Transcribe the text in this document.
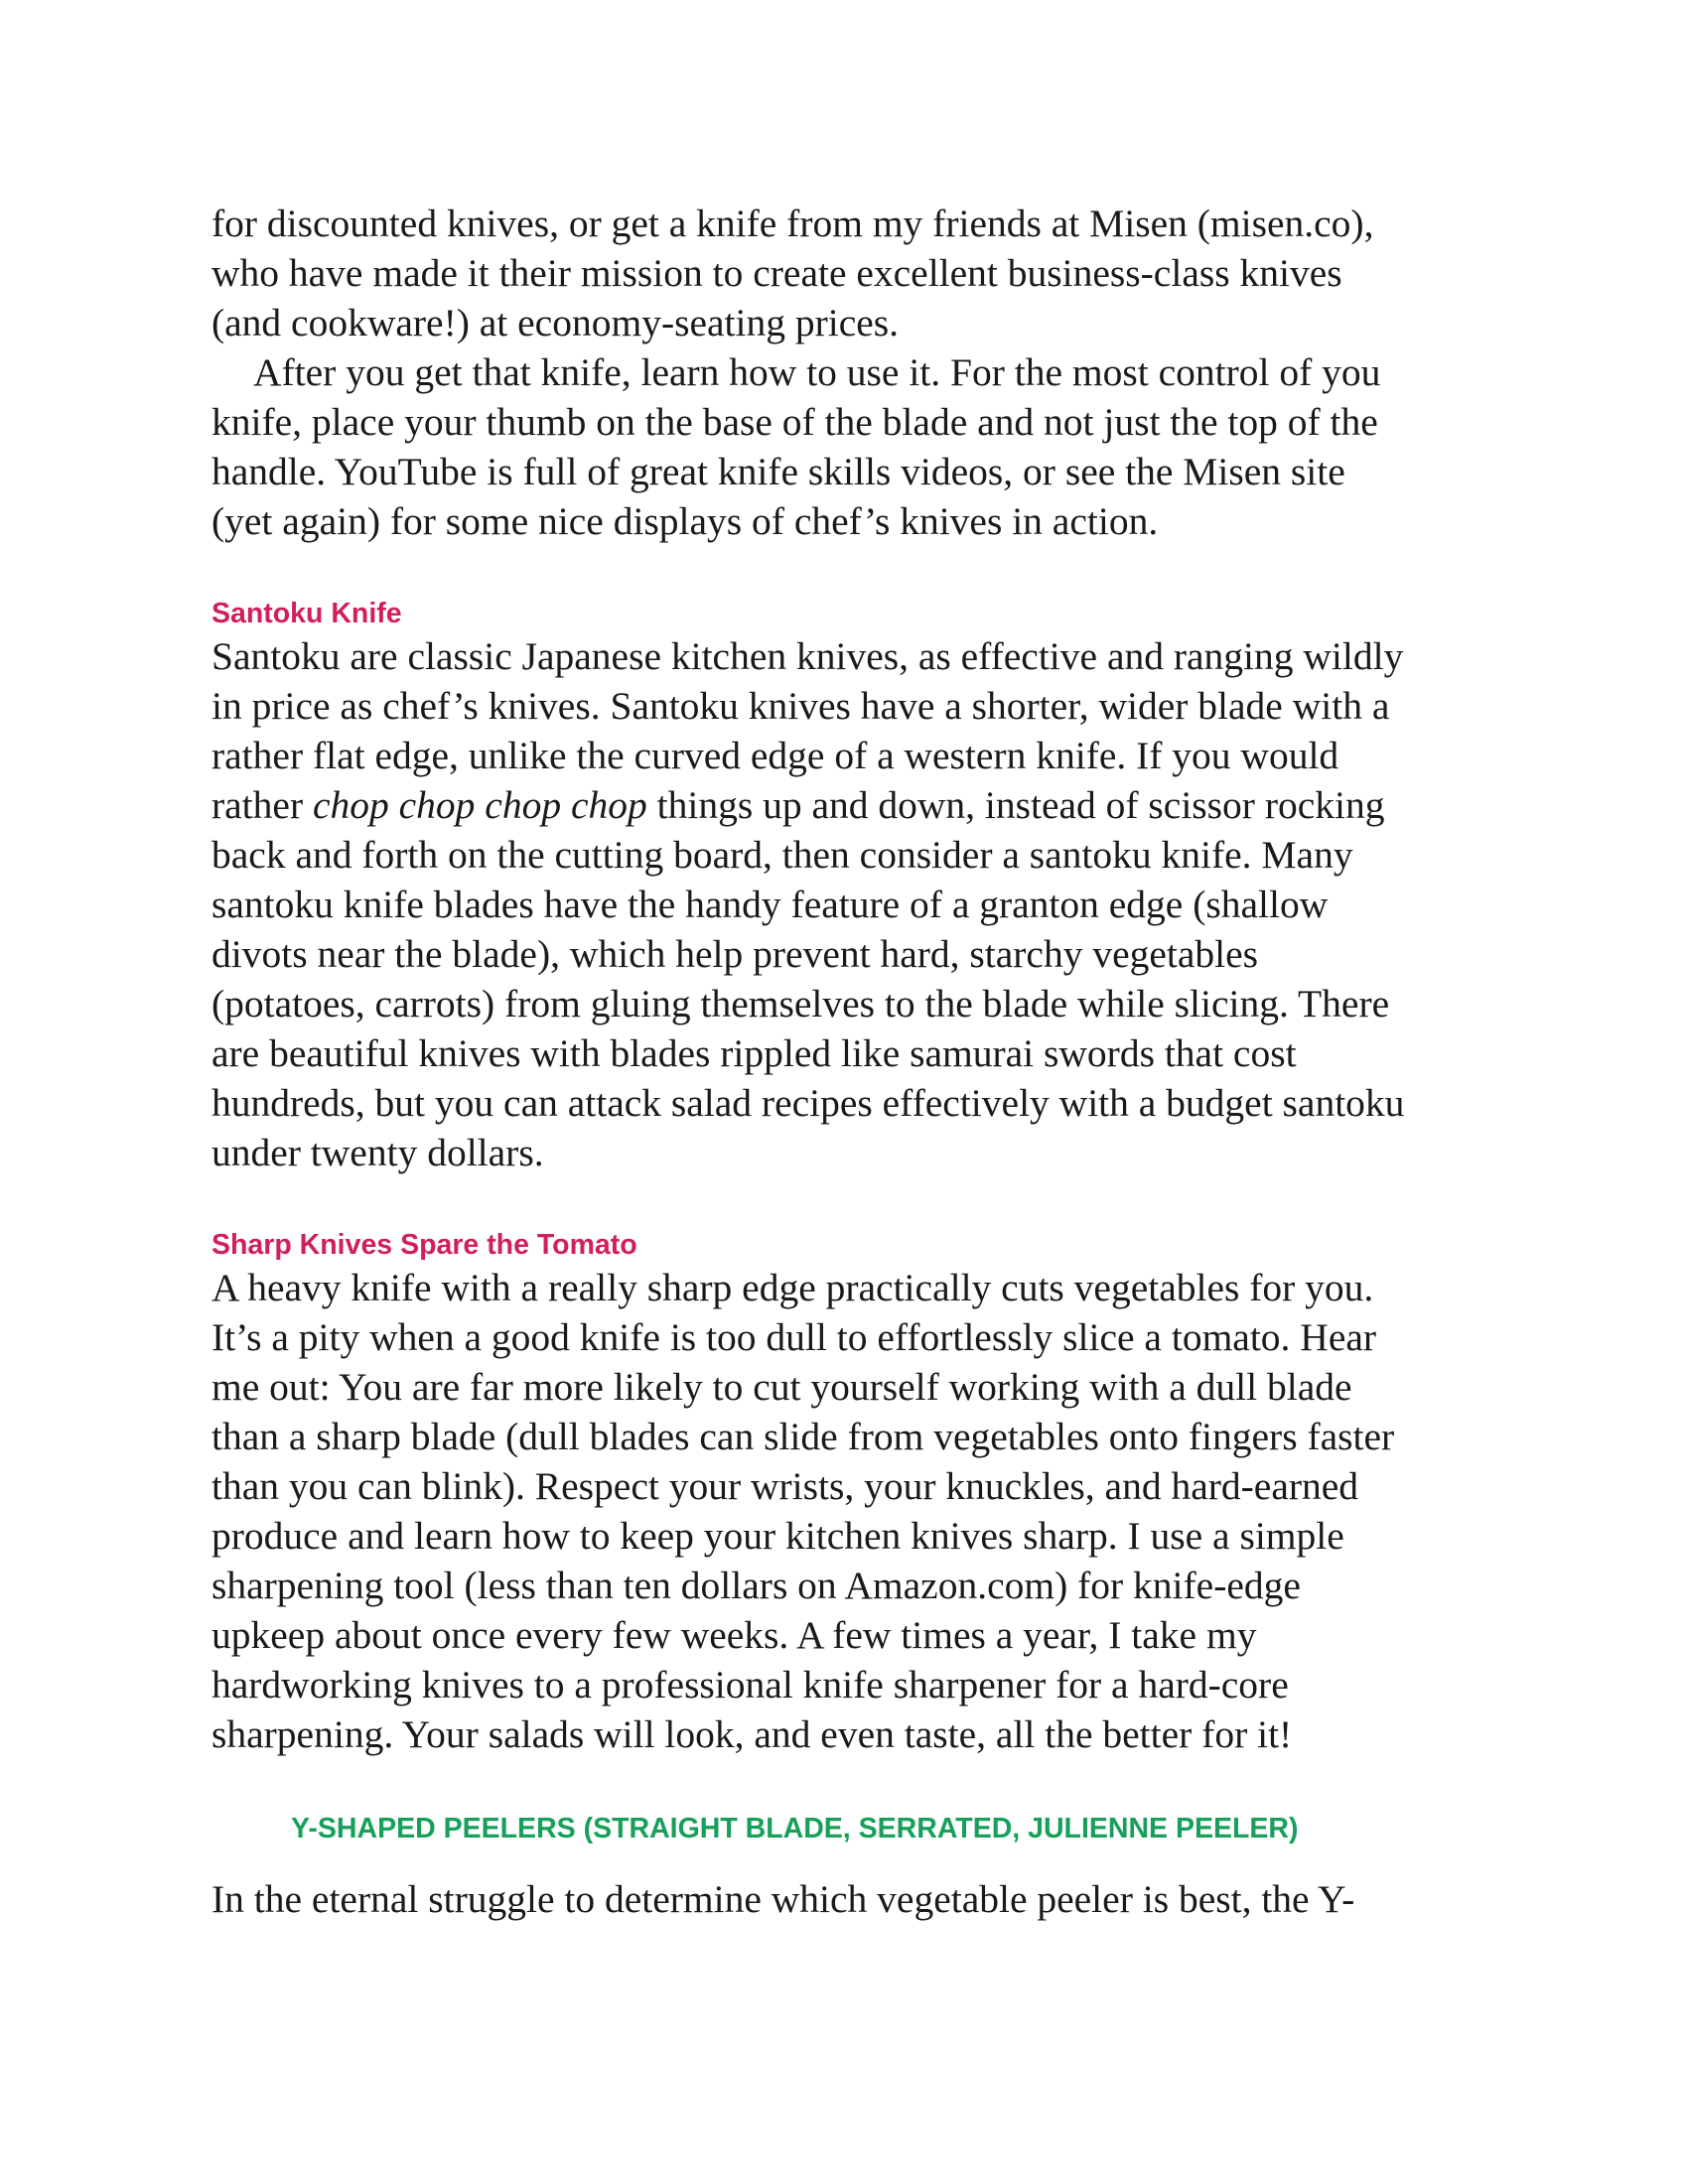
for discounted knives, or get a knife from my friends at Misen (misen.co),
who have made it their mission to create excellent business-class knives
(and cookware!) at economy-seating prices.

After you get that knife, learn how to use it. For the most control of you
knife, place your thumb on the base of the blade and not just the top of the
handle. YouTube is full of great knife skills videos, or see the Misen site
(yet again) for some nice displays of chef’s knives in action.

Santoku Knife

Santoku are classic Japanese kitchen knives, as effective and ranging wildly
in price as chef’s knives. Santoku knives have a shorter, wider blade with a
rather flat edge, unlike the curved edge of a western knife. If you would
rather chop chop chop chop things up and down, instead of scissor rocking
back and forth on the cutting board, then consider a santoku knife. Many
santoku knife blades have the handy feature of a granton edge (shallow
divots near the blade), which help prevent hard, starchy vegetables
(potatoes, carrots) from gluing themselves to the blade while slicing. There
are beautiful knives with blades rippled like samurai swords that cost
hundreds, but you can attack salad recipes effectively with a budget santoku
under twenty dollars.

Sharp Knives Spare the Tomato

A heavy knife with a really sharp edge practically cuts vegetables for you.
It’s a pity when a good knife is too dull to effortlessly slice a tomato. Hear
me out: You are far more likely to cut yourself working with a dull blade
than a sharp blade (dull blades can slide from vegetables onto fingers faster
than you can blink). Respect your wrists, your knuckles, and hard-earned
produce and learn how to keep your kitchen knives sharp. I use a simple
sharpening tool (less than ten dollars on Amazon.com) for knife-edge
upkeep about once every few weeks. A few times a year, I take my
hardworking knives to a professional knife sharpener for a hard-core
sharpening. Your salads will look, and even taste, all the better for it!

Y-SHAPED PEELERS (STRAIGHT BLADE, SERRATED, JULIENNE PEELER)

In the eternal struggle to determine which vegetable peeler is best, the Y-
